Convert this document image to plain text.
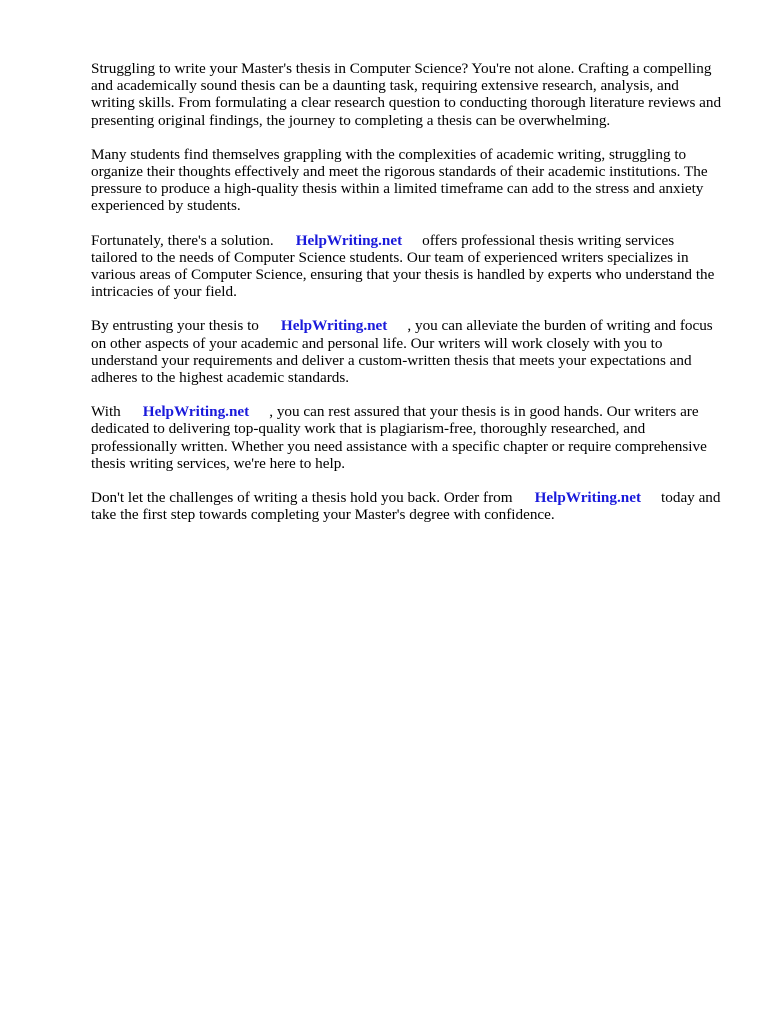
Struggling to write your Master's thesis in Computer Science? You're not alone. Crafting a compelling and academically sound thesis can be a daunting task, requiring extensive research, analysis, and writing skills. From formulating a clear research question to conducting thorough literature reviews and presenting original findings, the journey to completing a thesis can be overwhelming.

Many students find themselves grappling with the complexities of academic writing, struggling to organize their thoughts effectively and meet the rigorous standards of their academic institutions. The pressure to produce a high-quality thesis within a limited timeframe can add to the stress and anxiety experienced by students.

Fortunately, there's a solution. HelpWriting.net offers professional thesis writing services tailored to the needs of Computer Science students. Our team of experienced writers specializes in various areas of Computer Science, ensuring that your thesis is handled by experts who understand the intricacies of your field.

By entrusting your thesis to HelpWriting.net , you can alleviate the burden of writing and focus on other aspects of your academic and personal life. Our writers will work closely with you to understand your requirements and deliver a custom-written thesis that meets your expectations and adheres to the highest academic standards.

With HelpWriting.net , you can rest assured that your thesis is in good hands. Our writers are dedicated to delivering top-quality work that is plagiarism-free, thoroughly researched, and professionally written. Whether you need assistance with a specific chapter or require comprehensive thesis writing services, we're here to help.

Don't let the challenges of writing a thesis hold you back. Order from HelpWriting.net today and take the first step towards completing your Master's degree with confidence.
